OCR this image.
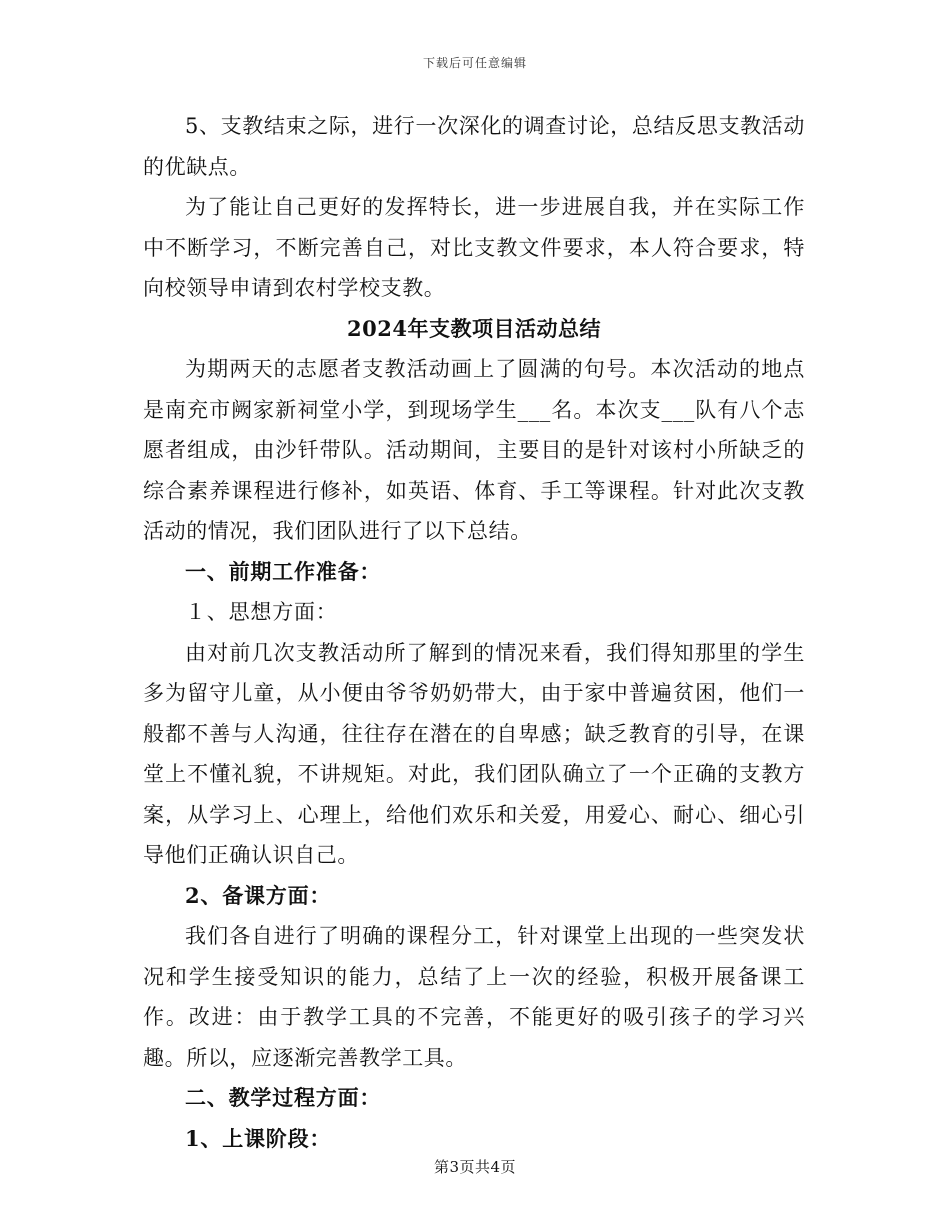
下载后可任意编辑

5、支教结束之际，进行一次深化的调查讨论，总结反思支教活动的优缺点。

为了能让自己更好的发挥特长，进一步进展自我，并在实际工作中不断学习，不断完善自己，对比支教文件要求，本人符合要求，特向校领导申请到农村学校支教。

2024年支教项目活动总结

为期两天的志愿者支教活动画上了圆满的句号。本次活动的地点是南充市阙家新祠堂小学，到现场学生___名。本次支___队有八个志愿者组成，由沙钎带队。活动期间，主要目的是针对该村小所缺乏的综合素养课程进行修补，如英语、体育、手工等课程。针对此次支教活动的情况，我们团队进行了以下总结。

一、前期工作准备：

１、思想方面：

由对前几次支教活动所了解到的情况来看，我们得知那里的学生多为留守儿童，从小便由爷爷奶奶带大，由于家中普遍贫困，他们一般都不善与人沟通，往往存在潜在的自卑感；缺乏教育的引导，在课堂上不懂礼貌，不讲规矩。对此，我们团队确立了一个正确的支教方案，从学习上、心理上，给他们欢乐和关爱，用爱心、耐心、细心引导他们正确认识自己。

2、备课方面：

我们各自进行了明确的课程分工，针对课堂上出现的一些突发状况和学生接受知识的能力，总结了上一次的经验，积极开展备课工作。改进：由于教学工具的不完善，不能更好的吸引孩子的学习兴趣。所以，应逐渐完善教学工具。

二、教学过程方面：

1、上课阶段：

第3页共4页
